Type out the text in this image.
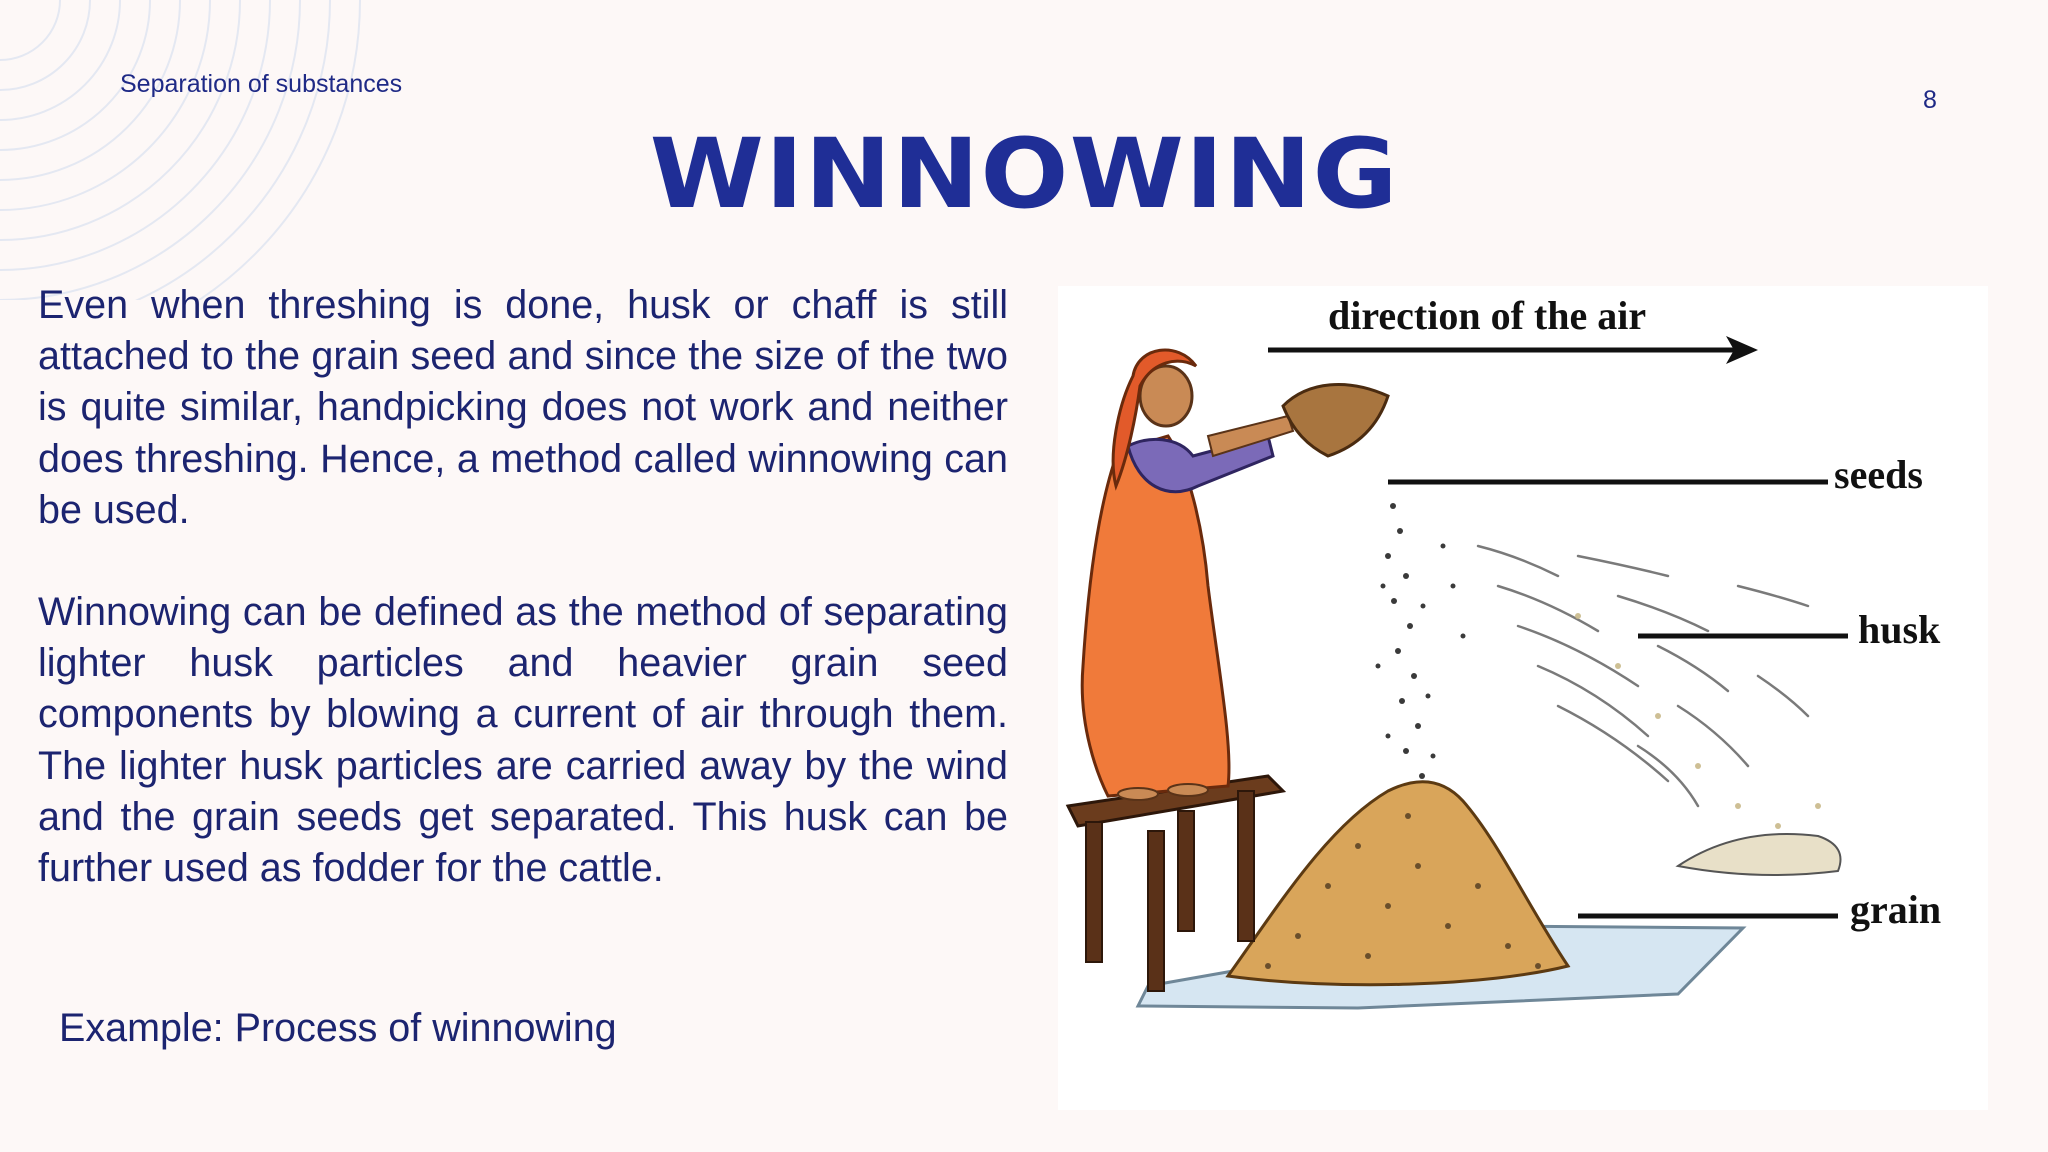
Separation of substances
8
WINNOWING

Even when threshing is done, husk or chaff is still attached to the grain seed and since the size of the two is quite similar, handpicking does not work and neither does threshing. Hence, a method called winnowing can be used.

Winnowing can be defined as the method of separating lighter husk particles and heavier grain seed components by blowing a current of air through them. The lighter husk particles are carried away by the wind and the grain seeds get separated. This husk can be further used as fodder for the cattle.

Example: Process of winnowing
direction of the air
seeds
husk
grain
